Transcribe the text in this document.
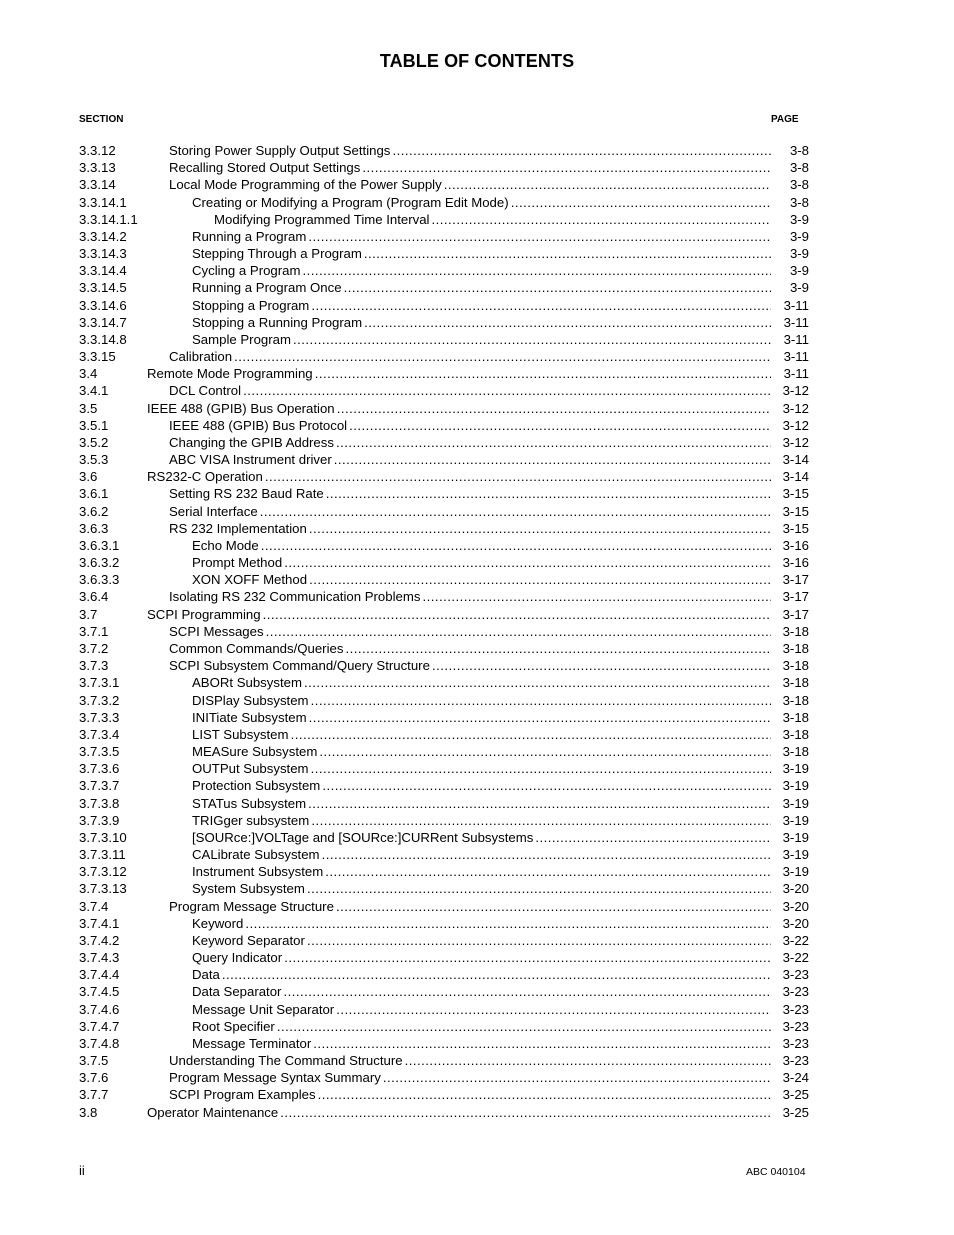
TABLE OF CONTENTS
SECTION	PAGE
3.3.12	Storing Power Supply Output Settings . . .	3-8
3.3.13	Recalling Stored Output Settings . . .	3-8
3.3.14	Local Mode Programming of the Power Supply . . .	3-8
3.3.14.1	Creating or Modifying a Program (Program Edit Mode) . . .	3-8
3.3.14.1.1	Modifying Programmed Time Interval . . .	3-9
3.3.14.2	Running a Program . . .	3-9
3.3.14.3	Stepping Through a Program . . .	3-9
3.3.14.4	Cycling a Program . . .	3-9
3.3.14.5	Running a Program Once . . .	3-9
3.3.14.6	Stopping a Program . . .	3-11
3.3.14.7	Stopping a Running Program . . .	3-11
3.3.14.8	Sample Program . . .	3-11
3.3.15	Calibration . . .	3-11
3.4	Remote Mode Programming . . .	3-11
3.4.1	DCL Control . . .	3-12
3.5	IEEE 488 (GPIB) Bus Operation . . .	3-12
3.5.1	IEEE 488 (GPIB) Bus Protocol . . .	3-12
3.5.2	Changing the GPIB Address . . .	3-12
3.5.3	ABC VISA Instrument driver . . .	3-14
3.6	RS232-C Operation . . .	3-14
3.6.1	Setting RS 232 Baud Rate . . .	3-15
3.6.2	Serial Interface . . .	3-15
3.6.3	RS 232 Implementation . . .	3-15
3.6.3.1	Echo Mode . . .	3-16
3.6.3.2	Prompt Method . . .	3-16
3.6.3.3	XON XOFF Method . . .	3-17
3.6.4	Isolating RS 232 Communication Problems . . .	3-17
3.7	SCPI Programming . . .	3-17
3.7.1	SCPI Messages . . .	3-18
3.7.2	Common Commands/Queries . . .	3-18
3.7.3	SCPI Subsystem Command/Query Structure . . .	3-18
3.7.3.1	ABORt Subsystem . . .	3-18
3.7.3.2	DISPlay Subsystem . . .	3-18
3.7.3.3	INITiate Subsystem . . .	3-18
3.7.3.4	LIST Subsystem . . .	3-18
3.7.3.5	MEASure Subsystem . . .	3-18
3.7.3.6	OUTPut Subsystem . . .	3-19
3.7.3.7	Protection Subsystem . . .	3-19
3.7.3.8	STATus Subsystem . . .	3-19
3.7.3.9	TRIGger subsystem . . .	3-19
3.7.3.10	[SOURce:]VOLTage and [SOURce:]CURRent Subsystems . . .	3-19
3.7.3.11	CALibrate Subsystem . . .	3-19
3.7.3.12	Instrument Subsystem . . .	3-19
3.7.3.13	System Subsystem . . .	3-20
3.7.4	Program Message Structure . . .	3-20
3.7.4.1	Keyword . . .	3-20
3.7.4.2	Keyword Separator . . .	3-22
3.7.4.3	Query Indicator . . .	3-22
3.7.4.4	Data . . .	3-23
3.7.4.5	Data Separator . . .	3-23
3.7.4.6	Message Unit Separator . . .	3-23
3.7.4.7	Root Specifier . . .	3-23
3.7.4.8	Message Terminator . . .	3-23
3.7.5	Understanding The Command Structure . . .	3-23
3.7.6	Program Message Syntax Summary . . .	3-24
3.7.7	SCPI Program Examples . . .	3-25
3.8	Operator Maintenance . . .	3-25
ii	ABC 040104
